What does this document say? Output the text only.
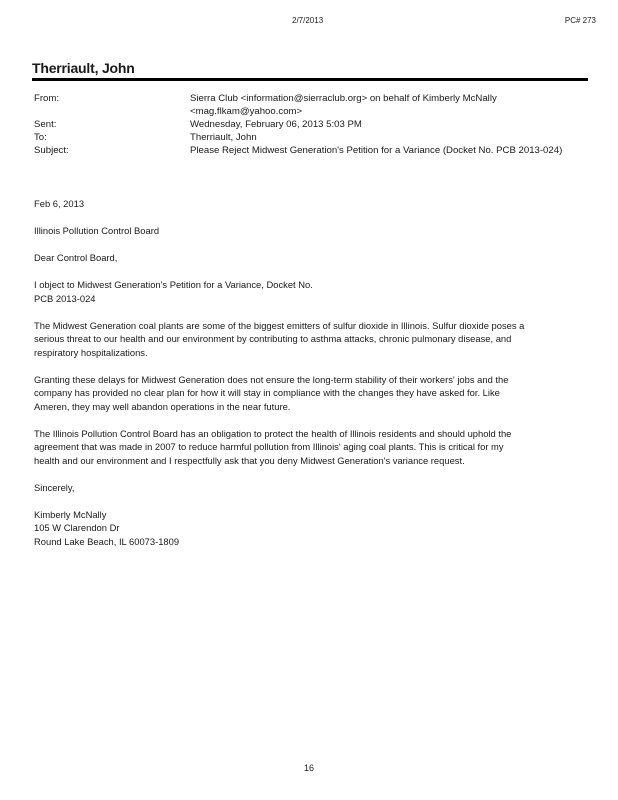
2/7/2013	PC# 273
Therriault, John
From:	Sierra Club <information@sierraclub.org> on behalf of Kimberly McNally
<mag.flkam@yahoo.com>
Sent:	Wednesday, February 06, 2013 5:03 PM
To:	Therriault, John
Subject:	Please Reject Midwest Generation's Petition for a Variance (Docket No. PCB 2013-024)

Feb 6, 2013

Illinois Pollution Control Board

Dear Control Board,

I object to Midwest Generation's Petition for a Variance, Docket No.
PCB 2013-024

The Midwest Generation coal plants are some of the biggest emitters of sulfur dioxide in Illinois. Sulfur dioxide poses a
serious threat to our health and our environment by contributing to asthma attacks, chronic pulmonary disease, and
respiratory hospitalizations.

Granting these delays for Midwest Generation does not ensure the long-term stability of their workers' jobs and the
company has provided no clear plan for how it will stay in compliance with the changes they have asked for. Like
Ameren, they may well abandon operations in the near future.

The Illinois Pollution Control Board has an obligation to protect the health of Illinois residents and should uphold the
agreement that was made in 2007 to reduce harmful pollution from Illinois' aging coal plants. This is critical for my
health and our environment and I respectfully ask that you deny Midwest Generation's variance request.

Sincerely,

Kimberly McNally
105 W Clarendon Dr
Round Lake Beach, IL 60073-1809

16
